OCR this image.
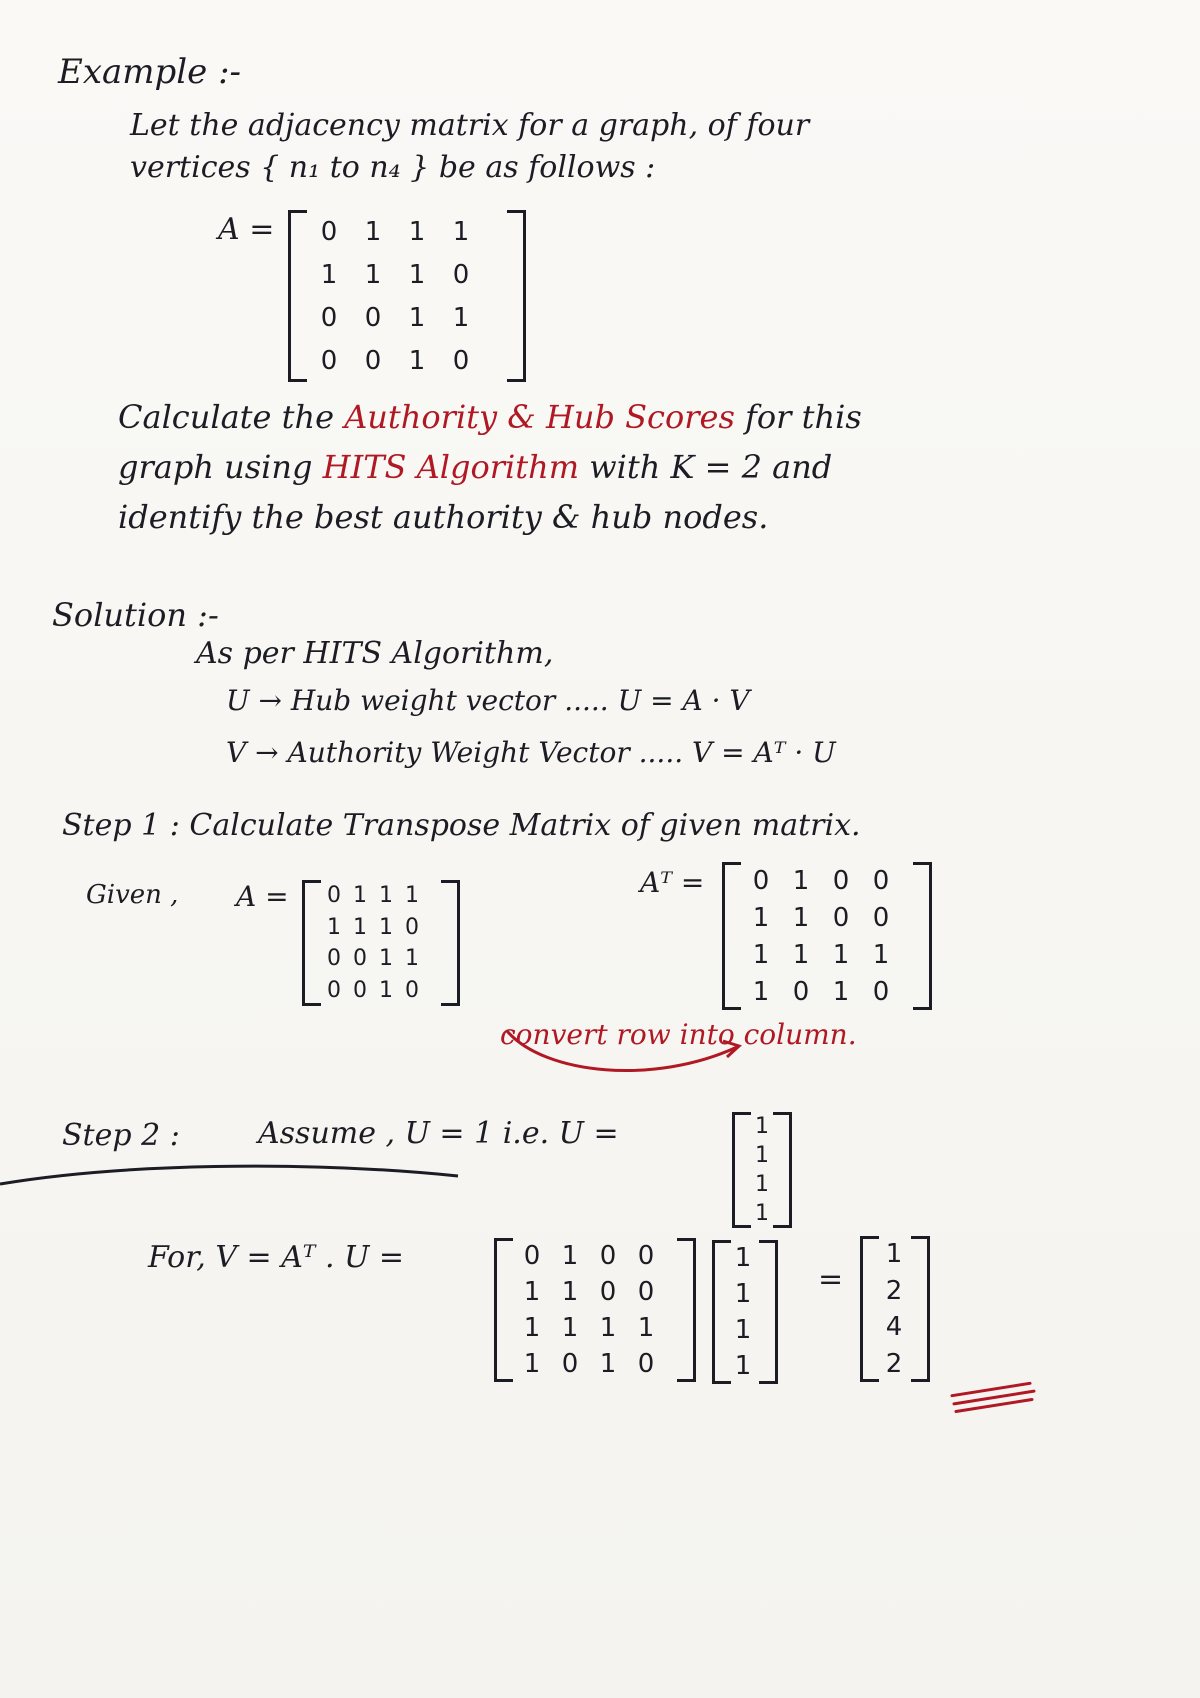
Example :-
Let the adjacency matrix for a graph, of four
vertices { n₁ to n₄ } be as follows :
A = 0 1 1 1
1 1 1 0
0 0 1 1
0 0 1 0
Calculate the Authority & Hub Scores for this
graph using HITS Algorithm with K = 2 and
identify the best authority & hub nodes.
Solution :-
As per HITS Algorithm,
U → Hub weight vector ..... U = A · V
V → Authority Weight Vector ..... V = Aᵀ · U
Step 1 : Calculate Transpose Matrix of given matrix.
Given , A = 0 1 1 1
1 1 1 0
0 0 1 1
0 0 1 0
Aᵀ = 0 1 0 0
1 1 0 0
1 1 1 1
1 0 1 0
convert row into column.
Step 2 :	Assume , U = 1 i.e. U =	1
1
1
1
For, V = Aᵀ . U =	0 1 0 0
1 1 0 0
1 1 1 1
1 0 1 0
1
1
1
1
=
1
2
4
2
